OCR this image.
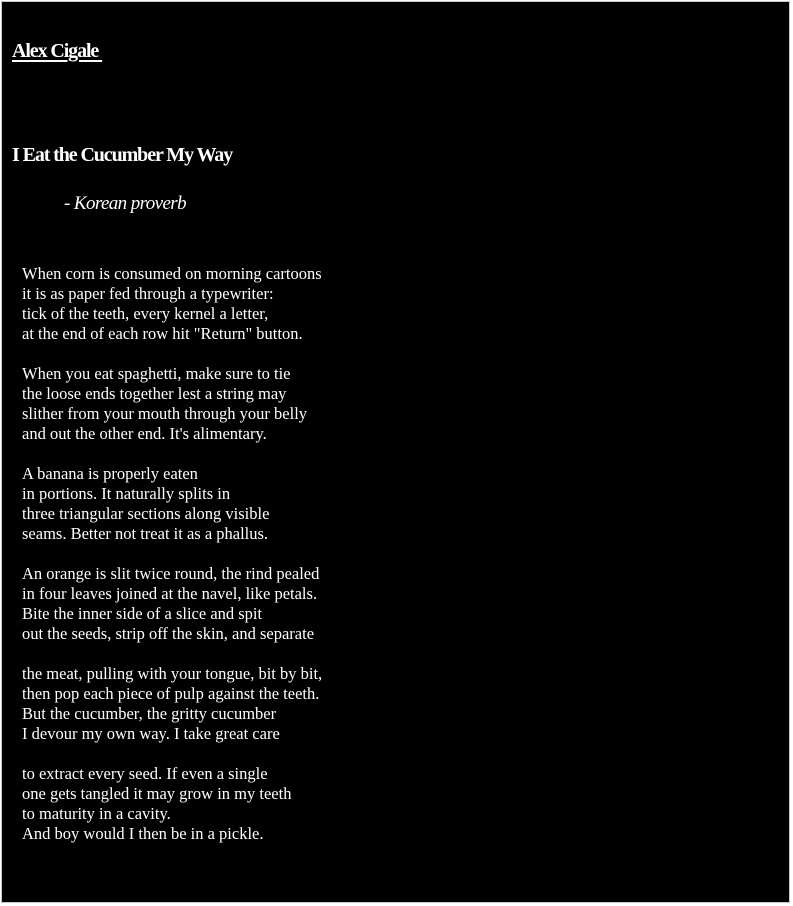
Alex Cigale
I Eat the Cucumber My Way
- Korean proverb
When corn is consumed on morning cartoons
it is as paper fed through a typewriter:
tick of the teeth, every kernel a letter,
at the end of each row hit "Return" button.
When you eat spaghetti, make sure to tie
the loose ends together lest a string may
slither from your mouth through your belly
and out the other end. It's alimentary.
A banana is properly eaten
in portions. It naturally splits in
three triangular sections along visible
seams. Better not treat it as a phallus.
An orange is slit twice round, the rind pealed
in four leaves joined at the navel, like petals.
Bite the inner side of a slice and spit
out the seeds, strip off the skin, and separate
the meat, pulling with your tongue, bit by bit,
then pop each piece of pulp against the teeth.
But the cucumber, the gritty cucumber
I devour my own way. I take great care
to extract every seed. If even a single
one gets tangled it may grow in my teeth
to maturity in a cavity.
And boy would I then be in a pickle.
